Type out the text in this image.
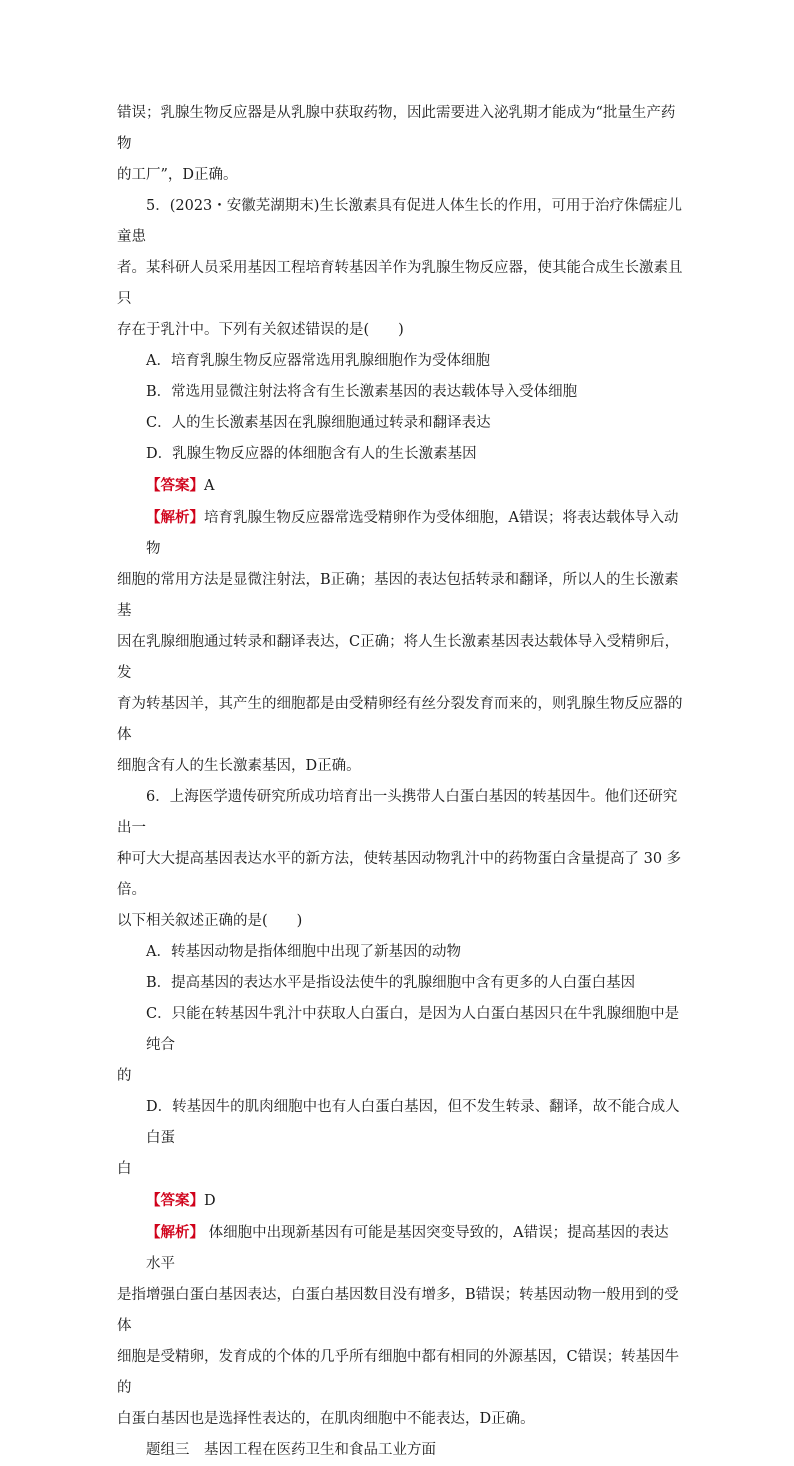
错误；乳腺生物反应器是从乳腺中获取药物，因此需要进入泌乳期才能成为“批量生产药物

的工厂”，D正确。

5．(2023・安徽芜湖期末)生长激素具有促进人体生长的作用，可用于治疗侏儒症儿童患

者。某科研人员采用基因工程培育转基因羊作为乳腺生物反应器，使其能合成生长激素且只

存在于乳汁中。下列有关叙述错误的是(　　)

A．培育乳腺生物反应器常选用乳腺细胞作为受体细胞

B．常选用显微注射法将含有生长激素基因的表达载体导入受体细胞

C．人的生长激素基因在乳腺细胞通过转录和翻译表达

D．乳腺生物反应器的体细胞含有人的生长激素基因

【答案】A

【解析】培育乳腺生物反应器常选受精卵作为受体细胞，A错误；将表达载体导入动物

细胞的常用方法是显微注射法，B正确；基因的表达包括转录和翻译，所以人的生长激素基

因在乳腺细胞通过转录和翻译表达，C正确；将人生长激素基因表达载体导入受精卵后，发

育为转基因羊，其产生的细胞都是由受精卵经有丝分裂发育而来的，则乳腺生物反应器的体

细胞含有人的生长激素基因，D正确。

6．上海医学遗传研究所成功培育出一头携带人白蛋白基因的转基因牛。他们还研究出一

种可大大提高基因表达水平的新方法，使转基因动物乳汁中的药物蛋白含量提高了 30 多倍。

以下相关叙述正确的是(　　)

A．转基因动物是指体细胞中出现了新基因的动物

B．提高基因的表达水平是指设法使牛的乳腺细胞中含有更多的人白蛋白基因

C．只能在转基因牛乳汁中获取人白蛋白，是因为人白蛋白基因只在牛乳腺细胞中是纯合

的

D．转基因牛的肌肉细胞中也有人白蛋白基因，但不发生转录、翻译，故不能合成人白蛋

白

【答案】D

【解析】 体细胞中出现新基因有可能是基因突变导致的，A错误；提高基因的表达水平

是指增强白蛋白基因表达，白蛋白基因数目没有增多，B错误；转基因动物一般用到的受体

细胞是受精卵，发育成的个体的几乎所有细胞中都有相同的外源基因，C错误；转基因牛的

白蛋白基因也是选择性表达的，在肌肉细胞中不能表达，D正确。

题组三　基因工程在医药卫生和食品工业方面
